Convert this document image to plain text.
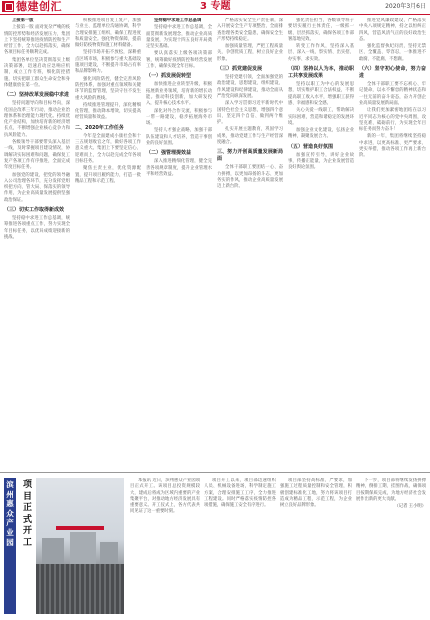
德建创汇	3 专题	2020年3月6日

上接第一版

上接第一版 面对复杂严峻的疫情防控形势和经济发展压力，集团上下坚持统筹推进疫情防控和生产经营工作，全力以赴抓落实，确保各项目标任务顺利完成。

集团各单位坚决贯彻落实上级决策部署，迅速启动应急响应机制，成立工作专班，细化防控措施，切实把职工群众生命安全和身体健康放在第一位。

（二）坚持改革发展稳中求进

坚持问题导向和目标导向，深化国企改革三年行动，推动企业治理体系和治理能力现代化。持续优化产业结构，加快培育新的经济增长点，不断增强企业核心竞争力和抗风险能力。

各级领导干部要带头深入基层一线，及时掌握项目建设情况，协调解决实际困难和问题，确保复工复产各项工作有序推进，全面完成年度目标任务。

加强党的建设，把党的领导融入公司治理各环节，充分发挥党组织把方向、管大局、保落实的领导作用，为企业高质量发展提供坚强政治保证。

（三）切实工作取得新成效

坚持稳中求进工作总基调，统筹推进各项重点工作，努力实现全年目标任务，以优异成绩迎接新的挑战。

积极推进项目复工复产，加强与业主、监理单位沟通协调，科学合理安排施工组织，确保工程进度和质量安全。强化物资保障，提前做好防疫物资和施工材料储备。

坚持市场开拓不放松，深耕重点区域市场，积极参与重大基础设施项目建设，不断提升市场占有率和品牌影响力。

强化风险防控，健全完善风险防控体系，加强对重点领域和关键环节的监督管理，坚决守住不发生重大风险的底线。

持续推进管理提升，深化精细化管理，推动降本增效，切实提高经营质量和效益。

二、2020年工作任务

今年是全面建成小康社会和十三五规划收官之年，做好各项工作意义重大。集团上下要坚定信心、迎难而上，全力以赴完成全年各项目标任务。

聚焦主责主业，优化资源配置，提升项目履约能力，打造一批精品工程和示范工程。

坚持稳中求进工作总基调

坚持稳中求进工作总基调，全面贯彻新发展理念，推动企业高质量发展，为实现十四五良好开局奠定坚实基础。

要认真落实上级各项决策部署，统筹做好疫情防控和经营发展工作，确保实现全年目标。

（一）抓发展促转型

加快推进企业转型升级，积极拓展新业务领域，培育新的增长动能。推动科技创新，加大研发投入，提升核心技术水平。

深化对外合作交流，积极参与一带一路建设，稳步拓展海外市场。

坚持人才强企战略，加强干部队伍建设和人才培养，营造干事创业的良好氛围。

（二）强管理提效益

深入推进精细化管理，健全完善各项规章制度，提升企业管理水平和经营效益。

严格落实安全生产责任制，深入开展安全生产专项整治，全面排查治理各类安全隐患，确保安全生产形势持续稳定。

加强质量管理，严把工程质量关，争创优质工程，树立良好企业形象。

（三）抓党建促发展

坚持党建引领，全面加强党的政治建设、思想建设、组织建设、作风建设和纪律建设，推动全面从严治党向纵深发展。

深入学习贯彻习近平新时代中国特色社会主义思想，增强四个意识、坚定四个自信、做到两个维护。

扎实开展主题教育，巩固学习成果，推动党建工作与生产经营深度融合。

三、努力开创高质量发展新局面

全体干部职工要团结一心、奋力拼搏，以更加昂扬的斗志、更加务实的作风，推动企业高质量发展迈上新台阶。

强化责任担当，各级领导班子要切实履行主体责任，一级抓一级、层层抓落实，确保各项工作部署落地见效。

转变工作作风，坚持深入基层、深入一线，察实情、出实招、办实事、求实效。

（四）坚持以人为本，推动职工共享发展成果

坚持以职工为中心的发展思想，切实维护职工合法权益，不断提高职工收入水平，增强职工获得感、幸福感和安全感。

关心关爱一线职工，帮助解决实际困难，营造和谐稳定的发展环境。

加强企业文化建设，弘扬企业精神，凝聚发展合力。

（五）营造良好氛围

加强宣传引导，讲好企业故事，传播正能量，为企业发展营造良好舆论氛围。

推进党风廉政建设，严格落实中央八项规定精神，持之以恒纠正四风，营造风清气正的良好政治生态。

强化监督执纪问责，坚持无禁区、全覆盖、零容忍，一体推进不敢腐、不能腐、不想腐。

（六）坚守初心使命，努力奋进

全体干部职工要不忘初心、牢记使命，以永不懈怠的精神状态和一往无前的奋斗姿态，奋力开创企业高质量发展新局面。

让我们更加紧密地团结在以习近平同志为核心的党中央周围，攻坚克难、砥砺前行，为实现全年目标任务而努力奋斗！

新的一年，集团将继续坚持稳中求进，以更高标准、更严要求、更实举措，推动各项工作再上新台阶。

滨州惠众产业园
项目正式开工

本报讯 近日，滨州惠众产业园项目正式开工。该项目总投资规模较大，建成后将成为区域内重要的产业集聚平台，对推动地方经济发展具有重要意义。开工仪式上，各方代表共同见证了这一重要时刻。

项目开工以来，项目部迅速组织人员、机械设备进场，科学制定施工方案，合理安排施工工序，全力推进工程建设。同时严格落实疫情防控各项措施，确保施工安全有序进行。

项目部坚持高标准、严要求，加强施工过程质量控制和安全管理，积极创建标准化工地，努力将该项目打造成为精品工程、示范工程，为企业树立良好品牌形象。

下一步，项目部将继续发扬拼搏精神，倒排工期、挂图作战，确保项目按期保质完成，为地方经济社会发展作出新的更大贡献。

（记者 王小明）
